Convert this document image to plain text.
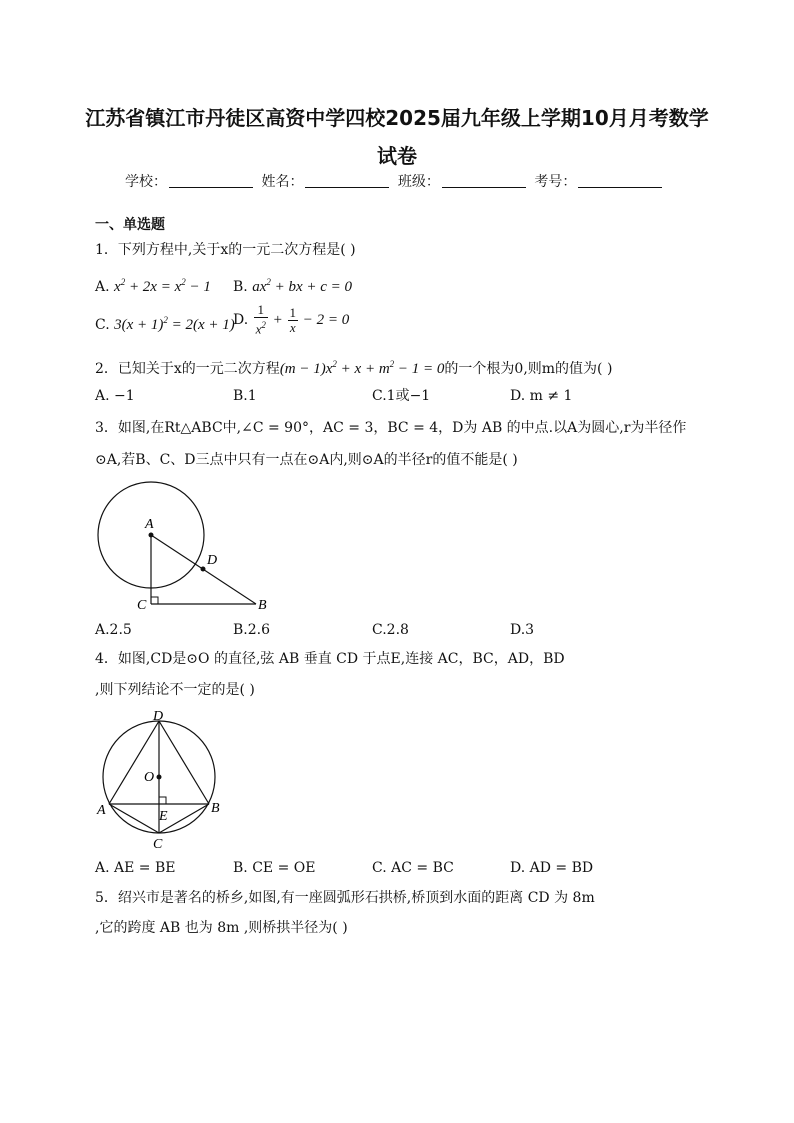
江苏省镇江市丹徒区高资中学四校2025届九年级上学期10月月考数学
试卷
学校：	姓名：	班级：	考号：
一、单选题
1．下列方程中,关于x的一元二次方程是( )
A. $x^2 + 2x = x^2 - 1$ B. $ax^2$ + bx + c = 0
C. $3(x + 1)^2 = 2(x + 1)$
D. $\frac{1}{x^2} + \frac{1}{x} - 2 = 0$
2．已知关于x的一元二次方程$(m - 1)x^2 + x + m^2 - 1 = 0$的一个根为0,则m的值为( )
A. −1	B.1	C.1或−1	D. m ≠ 1
3．如图,在Rt△ABC中,∠C = 90°，AC = 3，BC = 4，D为 AB 的中点.以A为圆心,r为半径作
⊙A,若B、C、D三点中只有一点在⊙A内,则⊙A的半径r的值不能是( )
A
D
C	B
A.2.5	B.2.6	C.2.8	D.3
4．如图,CD是⊙O 的直径,弦 AB 垂直 CD 于点E,连接 AC，BC，AD，BD
,则下列结论不一定的是( )
D
O
A	B
E
C
A. AE = BE	B. CE = OE	C. AC = BC	D. AD = BD
5．绍兴市是著名的桥乡,如图,有一座圆弧形石拱桥,桥顶到水面的距离 CD 为 8m
,它的跨度 AB 也为 8m ,则桥拱半径为( )
